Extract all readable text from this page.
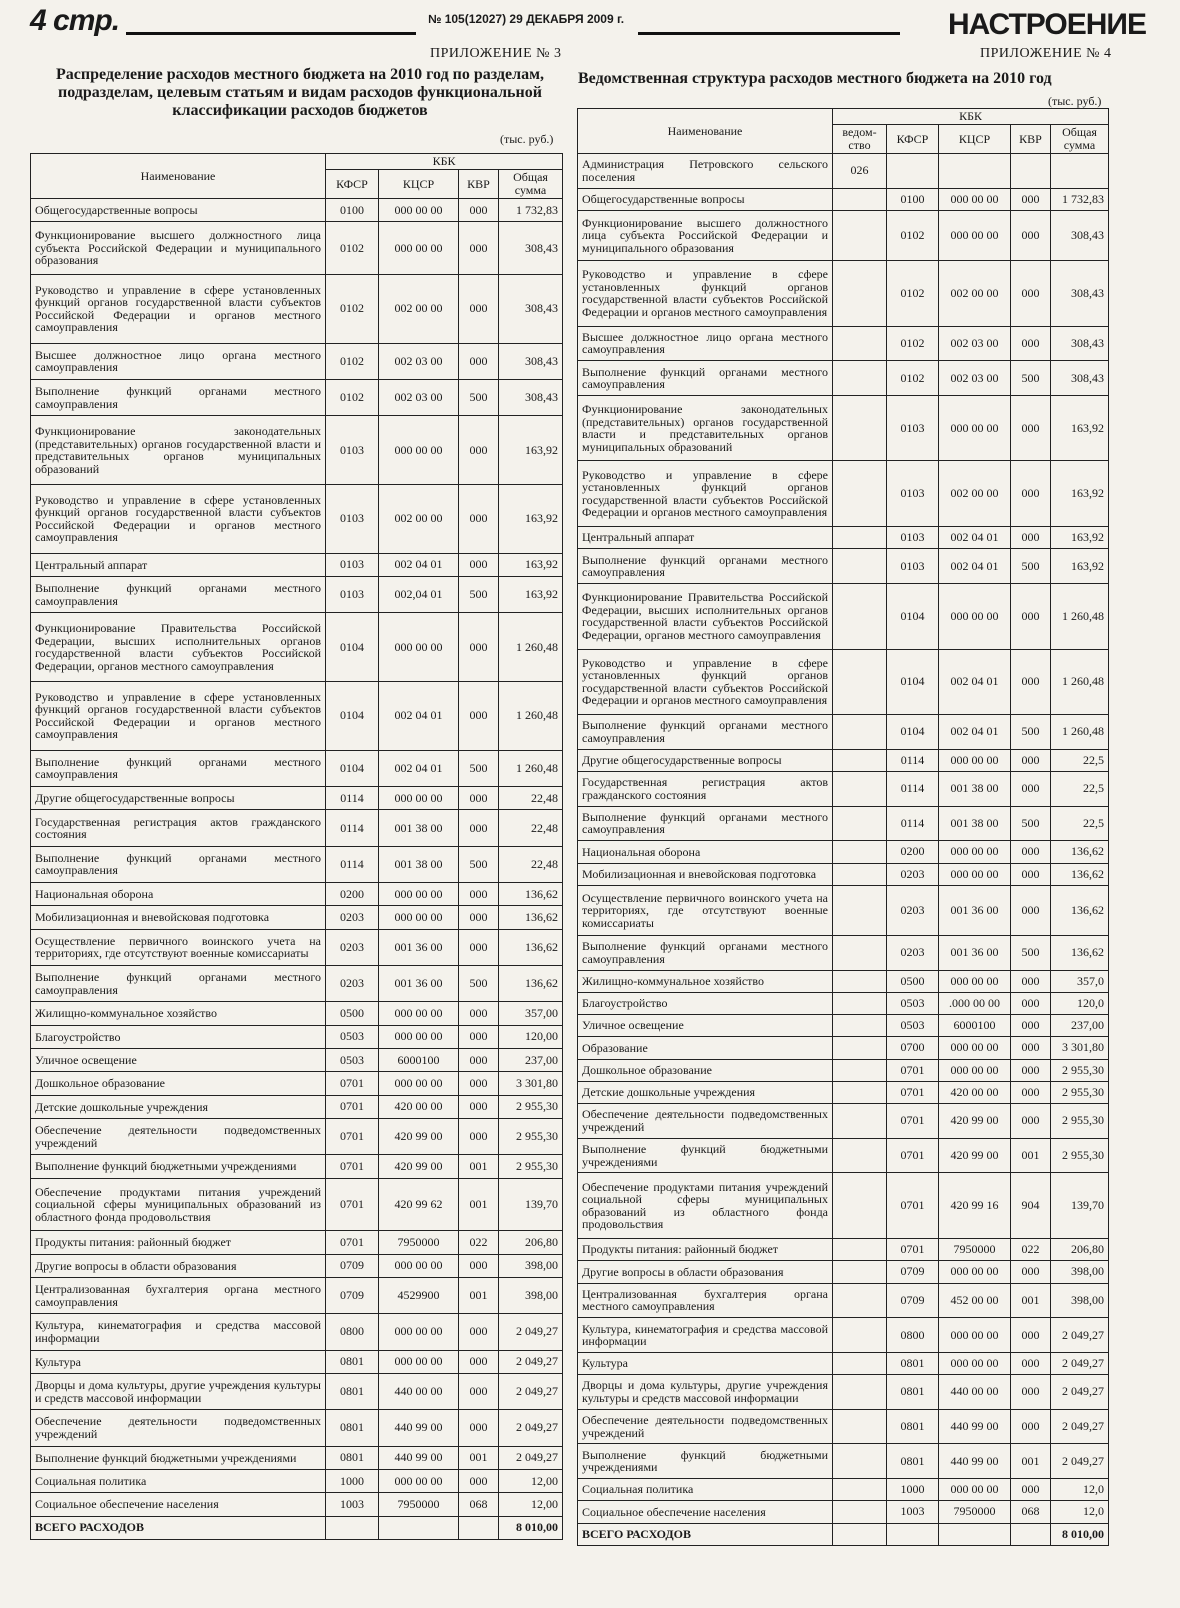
4 стр.	№ 105(12027) 29 ДЕКАБРЯ 2009 г.	НАСТРОЕНИЕ
ПРИЛОЖЕНИЕ № 3
Распределение расходов местного бюджета на 2010 год по разделам, подразделам, целевым статьям и видам расходов функциональной классификации расходов бюджетов
(тыс. руб.)
Наименование	КБК			
	КФСР	КЦСР	КВР	Общая сумма
Общегосударственные вопросы	0100	000 00 00	000	1 732,83
Функционирование высшего должностного лица субъекта Российской Федерации и муниципального образования	0102	000 00 00	000	308,43
Руководство и управление в сфере установленных функций органов государственной власти субъектов Российской Федерации и органов местного самоуправления	0102	002 00 00	000	308,43
Высшее должностное лицо органа местного самоуправления	0102	002 03 00	000	308,43
Выполнение функций органами местного самоуправления	0102	002 03 00	500	308,43
Функционирование законодательных (представительных) органов государственной власти и представительных органов муниципальных образований	0103	000 00 00	000	163,92
Руководство и управление в сфере установленных функций органов государственной власти субъектов Российской Федерации и органов местного самоуправления	0103	002 00 00	000	163,92
Центральный аппарат	0103	002 04 01	000	163,92
Выполнение функций органами местного самоуправления	0103	002,04 01	500	163,92
Функционирование Правительства Российской Федерации, высших исполнительных органов государственной власти субъектов Российской Федерации, органов местного самоуправления	0104	000 00 00	000	1 260,48
Руководство и управление в сфере установленных функций органов государственной власти субъектов Российской Федерации и органов местного самоуправления	0104	002 04 01	000	1 260,48
Выполнение функций органами местного самоуправления	0104	002 04 01	500	1 260,48
Другие общегосударственные вопросы	0114	000 00 00	000	22,48
Государственная регистрация актов гражданского состояния	0114	001 38 00	000	22,48
Выполнение функций органами местного самоуправления	0114	001 38 00	500	22,48
Национальная оборона	0200	000 00 00	000	136,62
Мобилизационная и вневойсковая подготовка	0203	000 00 00	000	136,62
Осуществление первичного воинского учета на территориях, где отсутствуют военные комиссариаты	0203	001 36 00	000	136,62
Выполнение функций органами местного самоуправления	0203	001 36 00	500	136,62
Жилищно-коммунальное хозяйство	0500	000 00 00	000	357,00
Благоустройство	0503	000 00 00	000	120,00
Уличное освещение	0503	6000100	000	237,00
Дошкольное образование	0701	000 00 00	000	3 301,80
Детские дошкольные учреждения	0701	420 00 00	000	2 955,30
Обеспечение деятельности подведомственных учреждений	0701	420 99 00	000	2 955,30
Выполнение функций бюджетными учреждениями	0701	420 99 00	001	2 955,30
Обеспечение продуктами питания учреждений социальной сферы муниципальных образований из областного фонда продовольствия	0701	420 99 62	001	139,70
Продукты питания: районный бюджет	0701	7950000	022	206,80
Другие вопросы в области образования	0709	000 00 00	000	398,00
Централизованная бухгалтерия органа местного самоуправления	0709	4529900	001	398,00
Культура, кинематография и средства массовой информации	0800	000 00 00	000	2 049,27
Культура	0801	000 00 00	000	2 049,27
Дворцы и дома культуры, другие учреждения культуры и средств массовой информации	0801	440 00 00	000	2 049,27
Обеспечение деятельности подведомственных учреждений	0801	440 99 00	000	2 049,27
Выполнение функций бюджетными учреждениями	0801	440 99 00	001	2 049,27
Социальная политика	1000	000 00 00	000	12,00
Социальное обеспечение населения	1003	7950000	068	12,00
ВСЕГО РАСХОДОВ				8 010,00
ПРИЛОЖЕНИЕ № 4
Ведомственная структура расходов местного бюджета на 2010 год
(тыс. руб.)
Наименование	КБК				
	ведом-ство	КФСР	КЦСР	КВР	Общая сумма
Администрация Петровского сельского поселения	026				
Общегосударственные вопросы		0100	000 00 00	000	1 732,83
Функционирование высшего должностного лица субъекта Российской Федерации и муниципального образования		0102	000 00 00	000	308,43
Руководство и управление в сфере установленных функций органов государственной власти субъектов Российской Федерации и органов местного самоуправления		0102	002 00 00	000	308,43
Высшее должностное лицо органа местного самоуправления		0102	002 03 00	000	308,43
Выполнение функций органами местного самоуправления		0102	002 03 00	500	308,43
Функционирование законодательных (представительных) органов государственной власти и представительных органов муниципальных образований		0103	000 00 00	000	163,92
Руководство и управление в сфере установленных функций органов государственной власти субъектов Российской Федерации и органов местного самоуправления		0103	002 00 00	000	163,92
Центральный аппарат		0103	002 04 01	000	163,92
Выполнение функций органами местного самоуправления		0103	002 04 01	500	163,92
Функционирование Правительства Российской Федерации, высших исполнительных органов государственной власти субъектов Российской Федерации, органов местного самоуправления		0104	000 00 00	000	1 260,48
Руководство и управление в сфере установленных функций органов государственной власти субъектов Российской Федерации и органов местного самоуправления		0104	002 04 01	000	1 260,48
Выполнение функций органами местного самоуправления		0104	002 04 01	500	1 260,48
Другие общегосударственные вопросы		0114	000 00 00	000	22,5
Государственная регистрация актов гражданского состояния		0114	001 38 00	000	22,5
Выполнение функций органами местного самоуправления		0114	001 38 00	500	22,5
Национальная оборона		0200	000 00 00	000	136,62
Мобилизационная и вневойсковая подготовка		0203	000 00 00	000	136,62
Осуществление первичного воинского учета на территориях, где отсутствуют военные комиссариаты		0203	001 36 00	000	136,62
Выполнение функций органами местного самоуправления		0203	001 36 00	500	136,62
Жилищно-коммунальное хозяйство		0500	000 00 00	000	357,0
Благоустройство		0503	.000 00 00	000	120,0
Уличное освещение		0503	6000100	000	237,00
Образование		0700	000 00 00	000	3 301,80
Дошкольное образование		0701	000 00 00	000	2 955,30
Детские дошкольные учреждения		0701	420 00 00	000	2 955,30
Обеспечение деятельности подведомственных учреждений		0701	420 99 00	000	2 955,30
Выполнение функций бюджетными учреждениями		0701	420 99 00	001	2 955,30
Обеспечение продуктами питания учреждений социальной сферы муниципальных образований из областного фонда продовольствия		0701	420 99 16	904	139,70
Продукты питания: районный бюджет		0701	7950000	022	206,80
Другие вопросы в области образования		0709	000 00 00	000	398,00
Централизованная бухгалтерия органа местного самоуправления		0709	452 00 00	001	398,00
Культура, кинематография и средства массовой информации		0800	000 00 00	000	2 049,27
Культура		0801	000 00 00	000	2 049,27
Дворцы и дома культуры, другие учреждения культуры и средств массовой информации		0801	440 00 00	000	2 049,27
Обеспечение деятельности подведомственных учреждений		0801	440 99 00	000	2 049,27
Выполнение функций бюджетными учреждениями		0801	440 99 00	001	2 049,27
Социальная политика		1000	000 00 00	000	12,0
Социальное обеспечение населения		1003	7950000	068	12,0
ВСЕГО РАСХОДОВ					8 010,00
